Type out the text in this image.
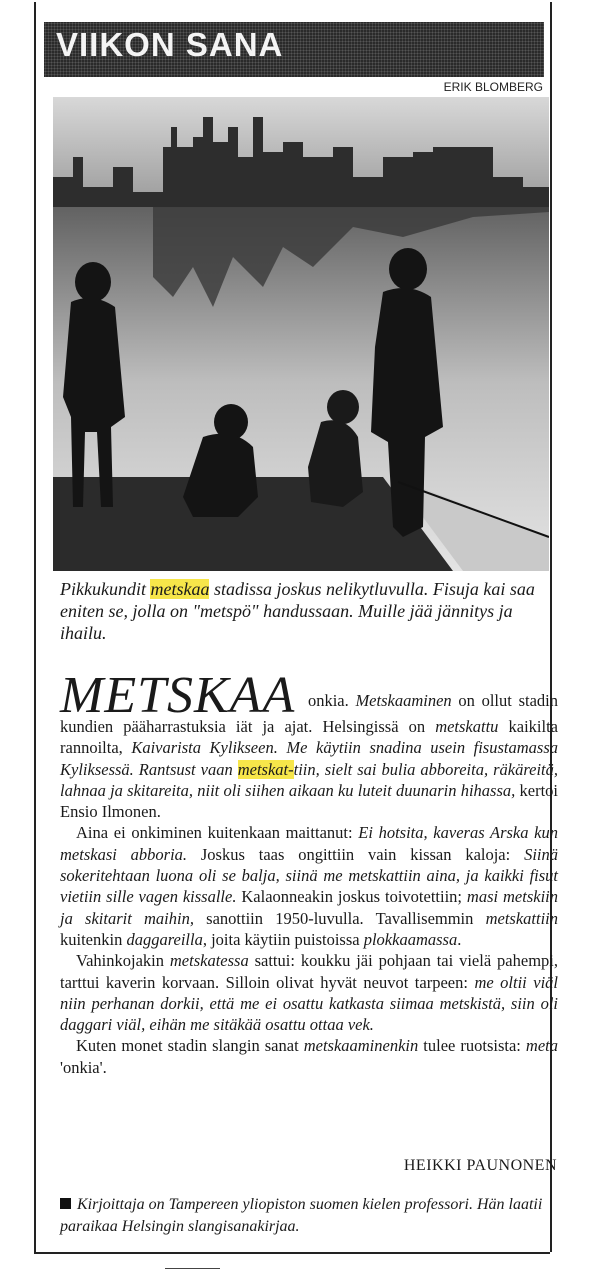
VIIKON SANA
ERIK BLOMBERG
Pikkukundit metskaa stadissa joskus nelikytluvulla. Fisuja kai saa eniten se, jolla on "metspö" handussaan. Muille jää jännitys ja ihailu.

METSKAA onkia. Metskaaminen on ollut stadin kundien pääharrastuksia iät ja ajat. Helsingissä on metskattu kaikilta rannoilta, Kaivarista Kylikseen. Me käytiin snadina usein fisustamassa Kyliksessä. Rantsust vaan metskat-tiin, sielt sai bulia abboreita, räkäreitä, lahnaa ja skitareita, niit oli siihen aikaan ku luteit duunarin hihassa, kertoi Ensio Ilmonen.

Aina ei onkiminen kuitenkaan maittanut: Ei hotsita, kaveras Arska kun metskasi abboria. Joskus taas ongittiin vain kissan kaloja: Siinä sokeritehtaan luona oli se balja, siinä me metskattiin aina, ja kaikki fisut vietiin sille vagen kissalle. Kalaonneakin joskus toivotettiin; masi metskiin ja skitarit maihin, sanottiin 1950-luvulla. Tavallisemmin metskattiin kuitenkin daggareilla, joita käytiin puistoissa plokkaamassa.

Vahinkojakin metskatessa sattui: koukku jäi pohjaan tai vielä pahempi, tarttui kaverin korvaan. Silloin olivat hyvät neuvot tarpeen: me oltii viäl niin perhanan dorkii, että me ei osattu katkasta siimaa metskistä, siin oli daggari viäl, eihän me sitäkää osattu ottaa vek.

Kuten monet stadin slangin sanat metskaaminenkin tulee ruotsista: meta 'onkia'.

HEIKKI PAUNONEN
Kirjoittaja on Tampereen yliopiston suomen kielen professori. Hän laatii paraikaa Helsingin slangisanakirjaa.
